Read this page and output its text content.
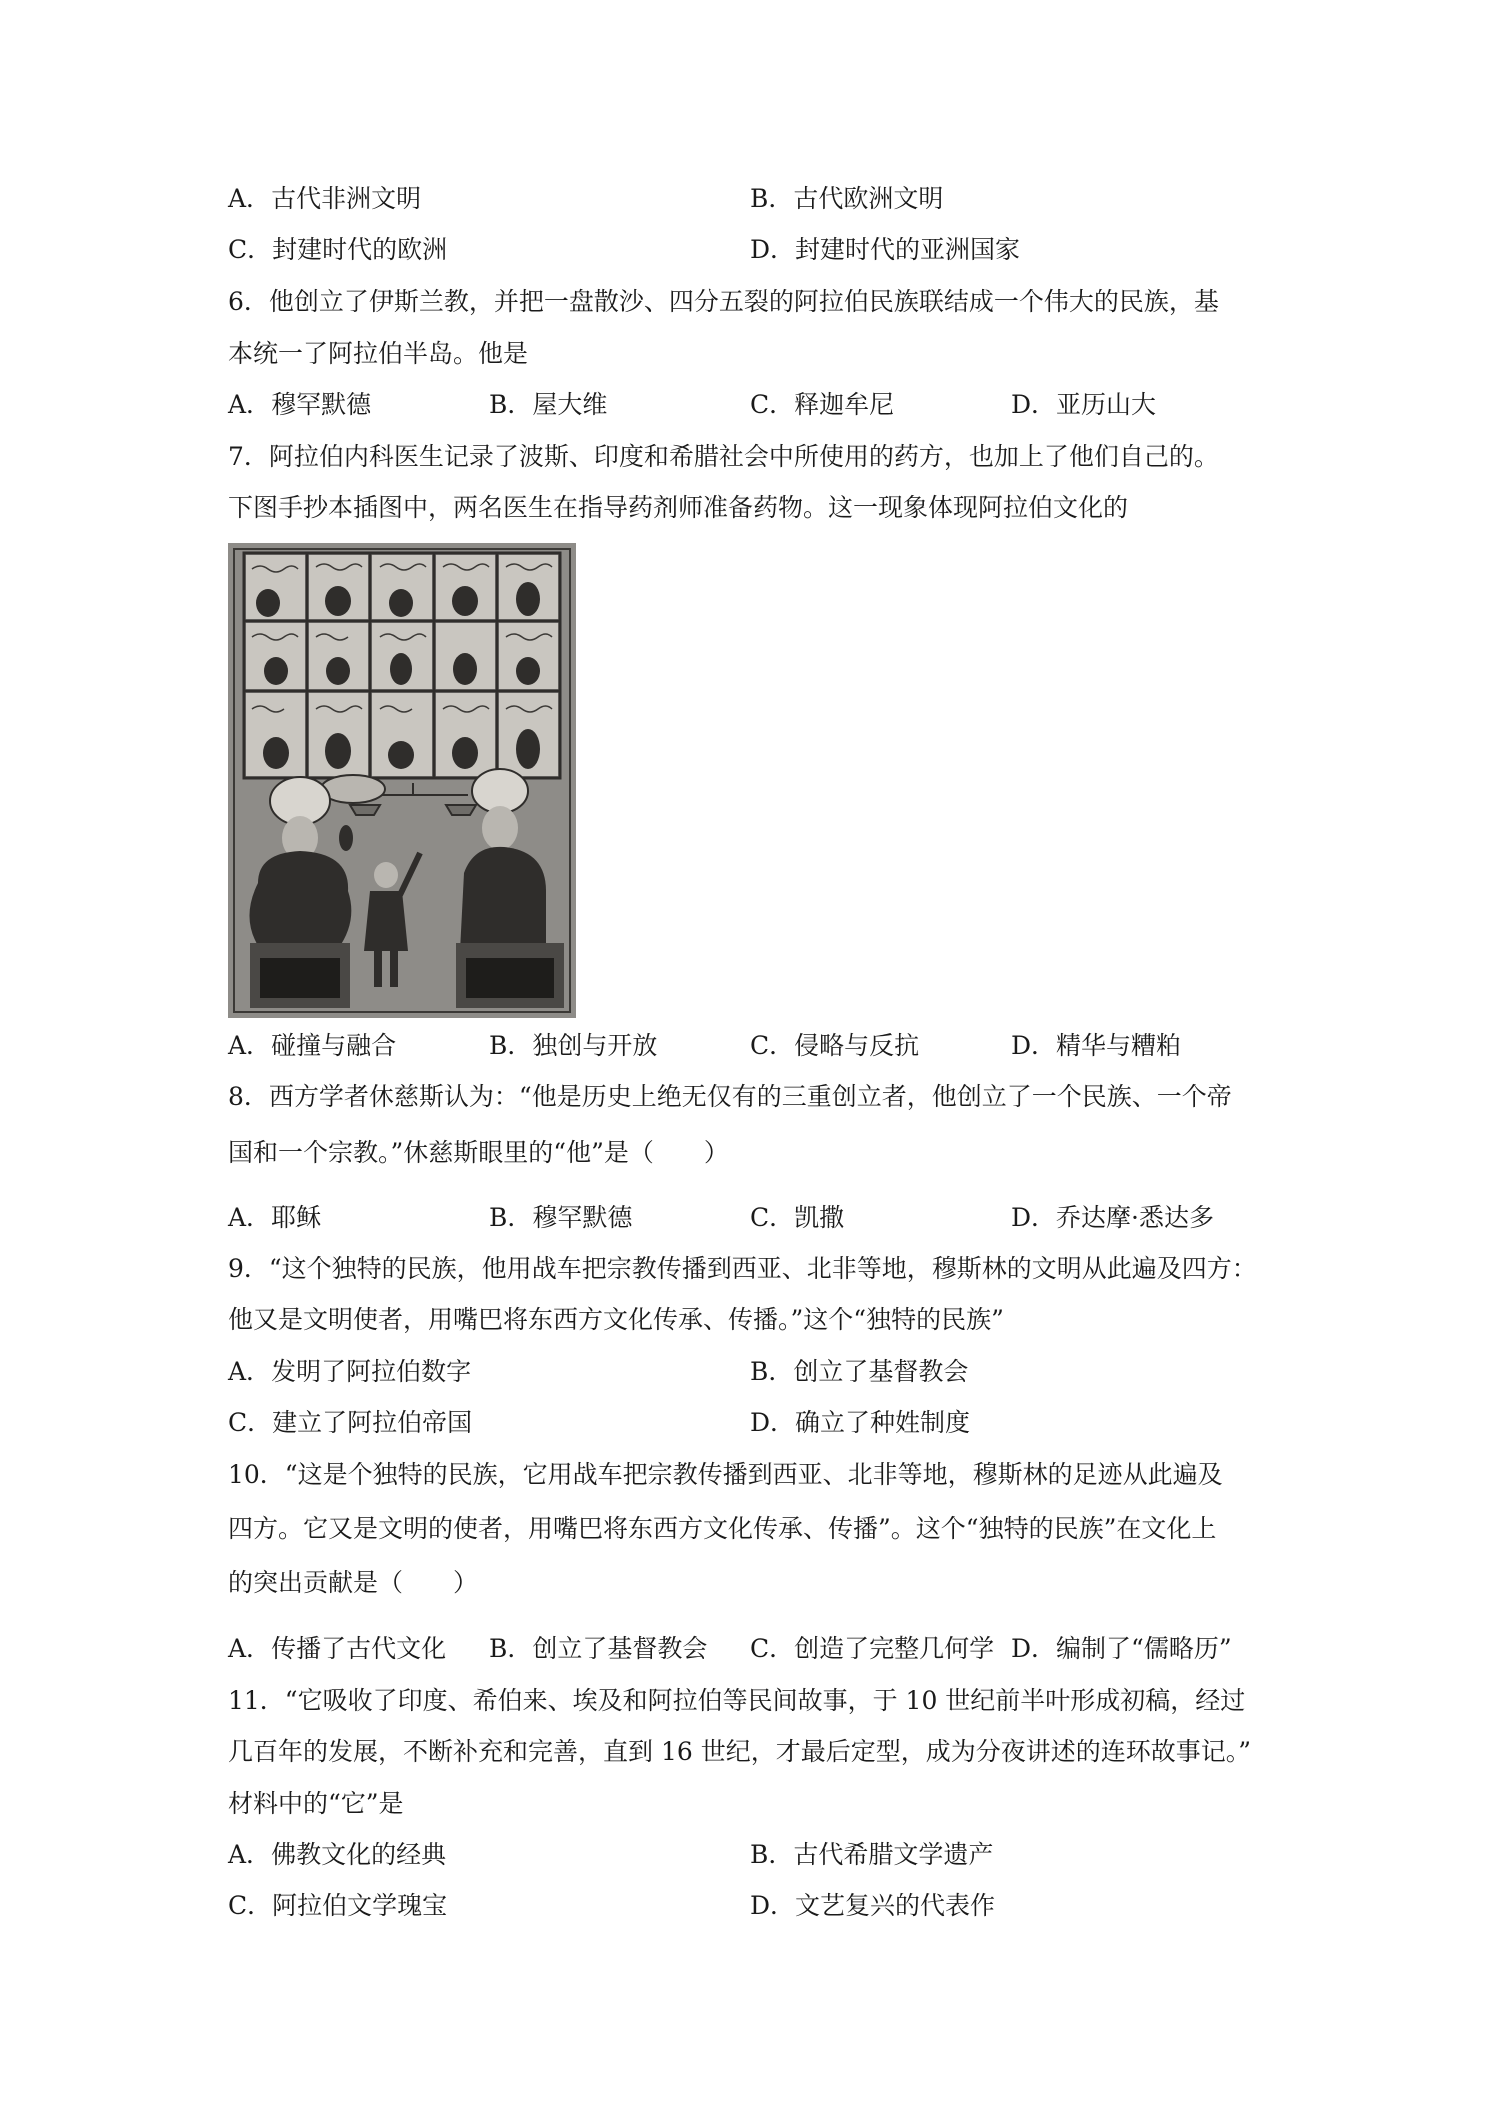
A．古代非洲文明	B．古代欧洲文明
C．封建时代的欧洲	D．封建时代的亚洲国家
6．他创立了伊斯兰教，并把一盘散沙、四分五裂的阿拉伯民族联结成一个伟大的民族，基
本统一了阿拉伯半岛。他是
A．穆罕默德	B．屋大维	C．释迦牟尼	D．亚历山大
7．阿拉伯内科医生记录了波斯、印度和希腊社会中所使用的药方，也加上了他们自己的。
下图手抄本插图中，两名医生在指导药剂师准备药物。这一现象体现阿拉伯文化的
A．碰撞与融合	B．独创与开放	C．侵略与反抗	D．精华与糟粕
8．西方学者休慈斯认为：“他是历史上绝无仅有的三重创立者，他创立了一个民族、一个帝
国和一个宗教。”休慈斯眼里的“他”是（　　）
A．耶稣	B．穆罕默德	C．凯撒	D．乔达摩·悉达多
9．“这个独特的民族，他用战车把宗教传播到西亚、北非等地，穆斯林的文明从此遍及四方：
他又是文明使者，用嘴巴将东西方文化传承、传播。”这个“独特的民族”
A．发明了阿拉伯数字	B．创立了基督教会
C．建立了阿拉伯帝国	D．确立了种姓制度
10．“这是个独特的民族，它用战车把宗教传播到西亚、北非等地，穆斯林的足迹从此遍及
四方。它又是文明的使者，用嘴巴将东西方文化传承、传播”。这个“独特的民族”在文化上
的突出贡献是（　　）
A．传播了古代文化 B．创立了基督教会 C．创造了完整几何学 D．编制了“儒略历”
11．“它吸收了印度、希伯来、埃及和阿拉伯等民间故事，于 10 世纪前半叶形成初稿，经过
几百年的发展，不断补充和完善，直到 16 世纪，才最后定型，成为分夜讲述的连环故事记。”
材料中的“它”是
A．佛教文化的经典	B．古代希腊文学遗产
C．阿拉伯文学瑰宝	D．文艺复兴的代表作
